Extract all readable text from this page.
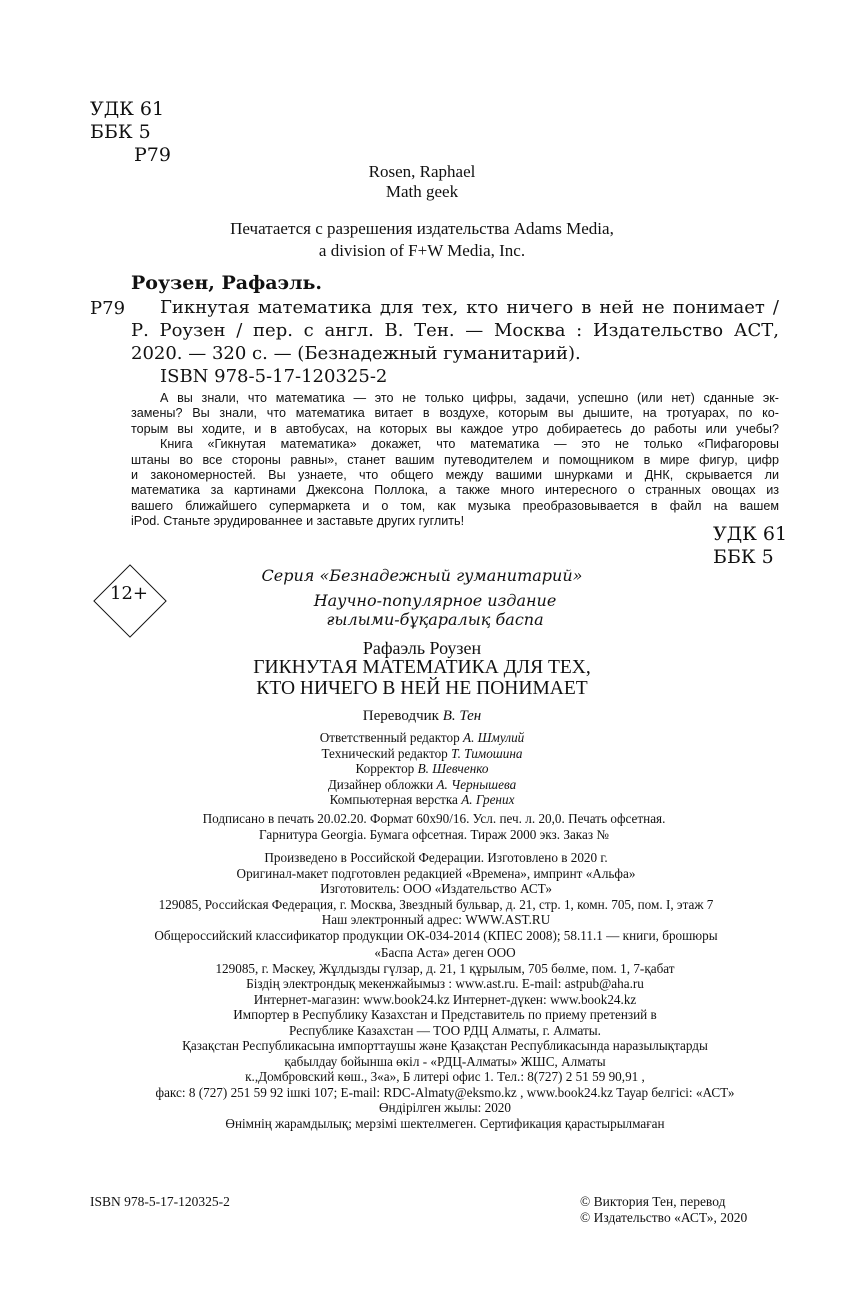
УДК 61
ББК 5
Р79
Rosen, Raphael
Math geek
Печатается с разрешения издательства Adams Media,
a division of F+W Media, Inc.
Роузен, Рафаэль.
Р79	Гикнутая математика для тех, кто ничего в ней не понимает /
Р. Роузен / пер. с англ. В. Тен. — Москва : Издательство АСТ,
2020. — 320 с. — (Безнадежный гуманитарий).
ISBN 978-5-17-120325-2
А вы знали, что математика — это не только цифры, задачи, успешно (или нет) сданные эк-
замены? Вы знали, что математика витает в воздухе, которым вы дышите, на тротуарах, по ко-
торым вы ходите, и в автобусах, на которых вы каждое утро добираетесь до работы или учебы?
Книга «Гикнутая математика» докажет, что математика — это не только «Пифагоровы
штаны во все стороны равны», станет вашим путеводителем и помощником в мире фигур, цифр
и закономерностей. Вы узнаете, что общего между вашими шнурками и ДНК, скрывается ли
математика за картинами Джексона Поллока, а также много интересного о странных овощах из
вашего ближайшего супермаркета и о том, как музыка преобразовывается в файл на вашем
iPod. Станьте эрудированнее и заставьте других гуглить!
УДК 61
ББК 5
12+
Серия «Безнадежный гуманитарий»
Научно-популярное издание
ғылыми-бұқаралық баспа
Рафаэль Роузен
ГИКНУТАЯ МАТЕМАТИКА ДЛЯ ТЕХ,
КТО НИЧЕГО В НЕЙ НЕ ПОНИМАЕТ
Переводчик В. Тен
Ответственный редактор А. Шмулий
Технический редактор Т. Тимошина
Корректор В. Шевченко
Дизайнер обложки А. Чернышева
Компьютерная верстка А. Грених
Подписано в печать 20.02.20. Формат 60х90/16. Усл. печ. л. 20,0. Печать офсетная.
Гарнитура Georgia. Бумага офсетная. Тираж 2000 экз. Заказ №
Произведено в Российской Федерации. Изготовлено в 2020 г.
Оригинал-макет подготовлен редакцией «Времена», импринт «Альфа»
Изготовитель: ООО «Издательство АСТ»
129085, Российская Федерация, г. Москва, Звездный бульвар, д. 21, стр. 1, комн. 705, пом. I, этаж 7
Наш электронный адрес: WWW.AST.RU
Общероссийский классификатор продукции ОК-034-2014 (КПЕС 2008); 58.11.1 — книги, брошюры
«Баспа Аста» деген ООО
129085, г. Мәскеу, Жұлдызды гүлзар, д. 21, 1 құрылым, 705 бөлме, пом. 1, 7-қабат
Біздің электрондық мекенжайымыз : www.ast.ru. E-mail: astpub@aha.ru
Интернет-магазин: www.book24.kz Интернет-дүкен: www.book24.kz
Импортер в Республику Казахстан и Представитель по приему претензий в
Республике Казахстан — ТОО РДЦ Алматы, г. Алматы.
Қазақстан Республикасына импорттаушы және Қазақстан Республикасында наразылықтарды
қабылдау бойынша өкіл - «РДЦ-Алматы» ЖШС, Алматы
к.,Домбровский көш., 3«а», Б литері офис 1. Тел.: 8(727) 2 51 59 90,91 ,
факс: 8 (727) 251 59 92 ішкі 107; E-mail: RDC-Almaty@eksmo.kz , www.book24.kz Тауар белгісі: «АСТ»
Өндірілген жылы: 2020
Өнімнің жарамдылық; мерзімі шектелмеген. Сертификация қарастырылмаған
ISBN 978-5-17-120325-2	© Виктория Тен, перевод
© Издательство «АСТ», 2020
